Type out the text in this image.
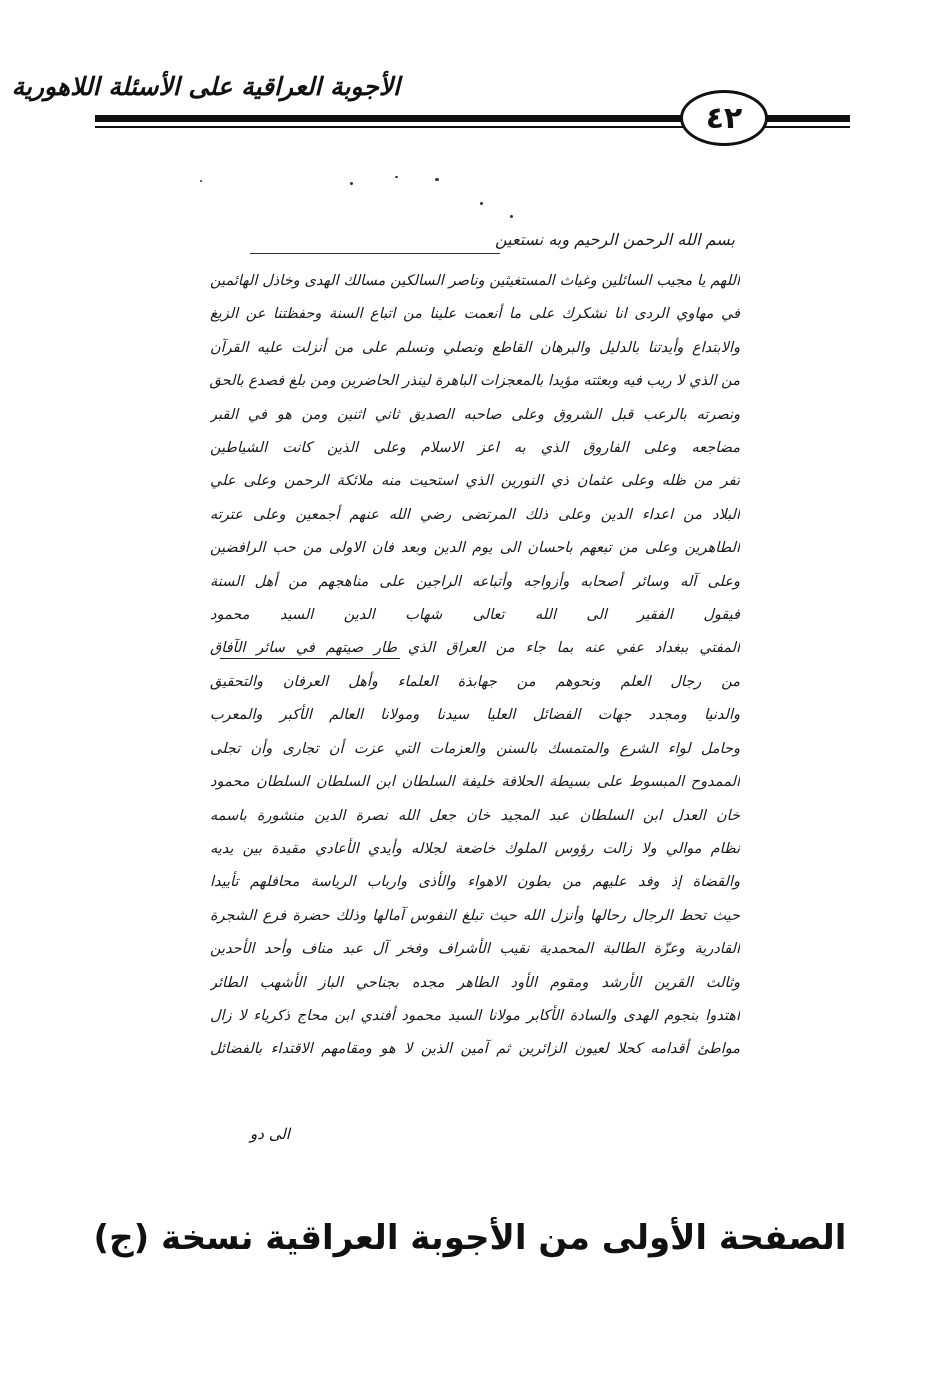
الأجوبة العراقية على الأسئلة اللاهورية
٤٢
بسم الله الرحمن الرحيم وبه نستعين
اللهم يا مجيب السائلين وغياث المستغيثين وناصر السالكين مسالك الهدى وخاذل الهائمين
في مهاوي الردى انا نشكرك على ما أنعمت علينا من اتباع السنة وحفظتنا عن الزيغ
والابتداع وأيدتنا بالدليل والبرهان القاطع ونصلي ونسلم على من أنزلت عليه القرآن
من الذي لا ريب فيه وبعثته مؤيدا بالمعجزات الباهرة لينذر الحاضرين ومن بلغ فصدع بالحق
ونصرته بالرعب قبل الشروق وعلى صاحبه الصديق ثاني اثنين ومن هو في القبر
مضاجعه وعلى الفاروق الذي به اعز الاسلام وعلى الذين كانت الشياطين
تفر من ظله وعلى عثمان ذي النورين الذي استحيت منه ملائكة الرحمن وعلى علي
البلاد من اعداء الدين وعلى ذلك المرتضى رضي الله عنهم أجمعين وعلى عترته
الطاهرين وعلى من تبعهم باحسان الى يوم الدين وبعد فان الاولى من حب الرافضين
وعلى آله وسائر أصحابه وأزواجه وأتباعه الراجين على مناهجهم من أهل السنة
فيقول الفقير الى الله تعالى شهاب الدين السيد محمود
المفتي ببغداد عفي عنه بما جاء من العراق الذي طار صيتهم في سائر الآفاق
من رجال العلم ونحوهم من جهابذة العلماء وأهل العرفان والتحقيق
والدنيا ومجدد جهات الفضائل العليا سيدنا ومولانا العالم الأكبر والمعرب
وحامل لواء الشرع والمتمسك بالسنن والعزمات التي عزت أن تجارى وأن تجلى
الممدوح المبسوط على بسيطة الحلافة خليفة السلطان ابن السلطان السلطان محمود
خان العدل ابن السلطان عبد المجيد خان جعل الله نصرة الدين منشورة باسمه
نظام موالي ولا زالت رؤوس الملوك خاضعة لجلاله وأيدي الأعادي مقيدة بين يديه
والقضاة إذ وفد عليهم من بطون الاهواء والأذى وارباب الرياسة محافلهم تأييدا
حيث تحط الرجال رحالها وأنزل الله حيث تبلغ النفوس آمالها وذلك حضرة فرع الشجرة
القادرية وعزّة الطالبة المحمدية نقيب الأشراف وفخر آل عبد مناف وأحد الأحدين
وثالث القرين الأرشد ومقوم الأود الطاهر مجده بجناحي الباز الأشهب الطائر
اهتدوا بنجوم الهدى والسادة الأكابر مولانا السيد محمود أفندي ابن محاج ذكرياء لا زال
مواطئ أقدامه كحلا لعيون الزائرين ثم آمين الذين لا هو ومقامهم الاقتداء بالفضائل
الى دو
الصفحة الأولى من الأجوبة العراقية نسخة (ج)
